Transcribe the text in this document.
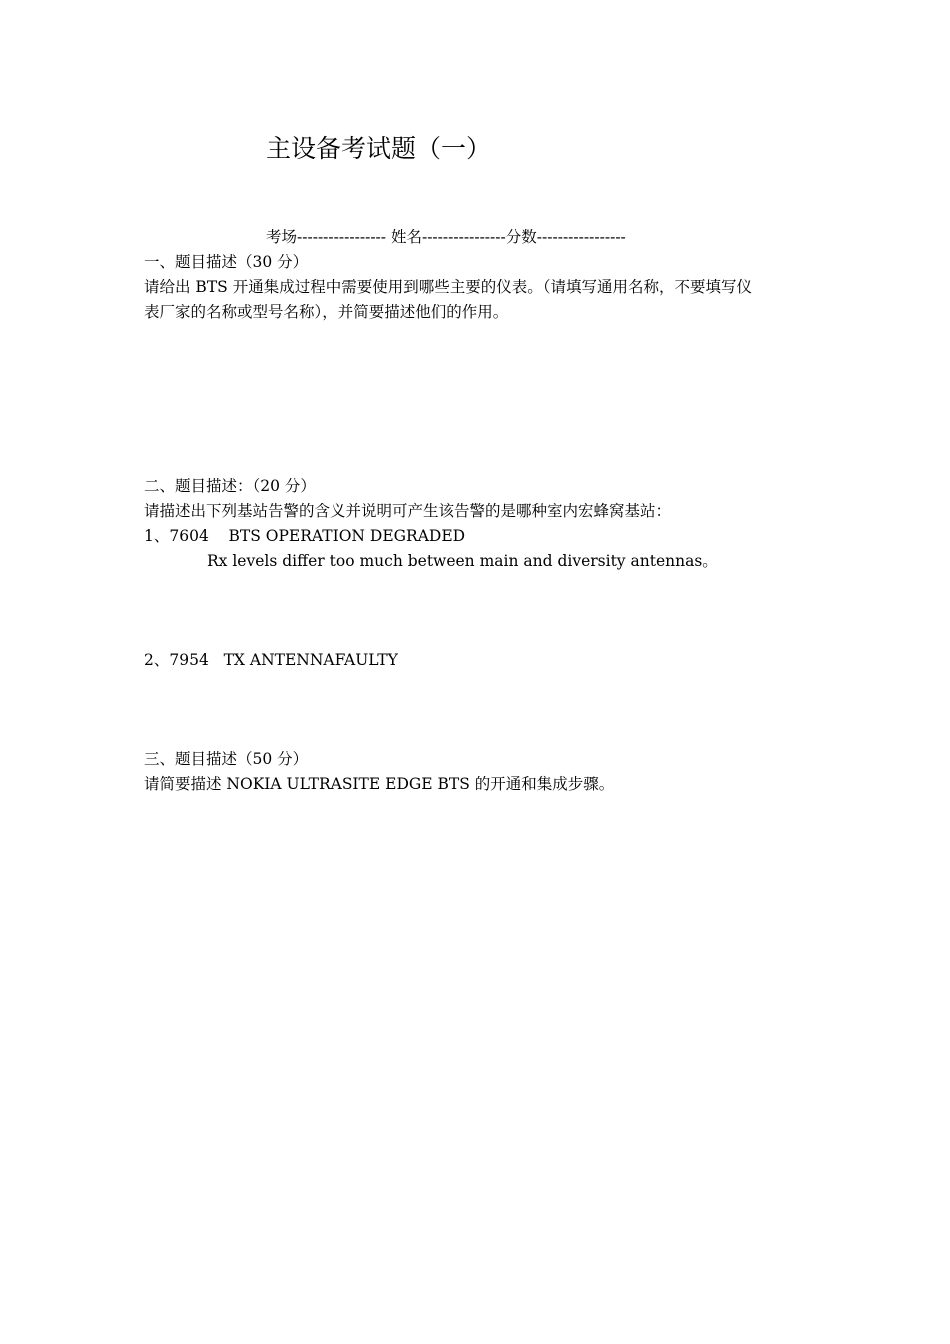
主设备考试题（一）
考场----------------- 姓名----------------分数-----------------
一、题目描述（30 分）
请给出 BTS 开通集成过程中需要使用到哪些主要的仪表。（请填写通用名称，不要填写仪
表厂家的名称或型号名称），并简要描述他们的作用。
二、题目描述：（20 分）
请描述出下列基站告警的含义并说明可产生该告警的是哪种室内宏蜂窝基站：
1、7604    BTS OPERATION DEGRADED
Rx levels differ too much between main and diversity antennas。
2、7954   TX ANTENNAFAULTY
三、题目描述（50 分）
请简要描述 NOKIA ULTRASITE EDGE BTS 的开通和集成步骤。
